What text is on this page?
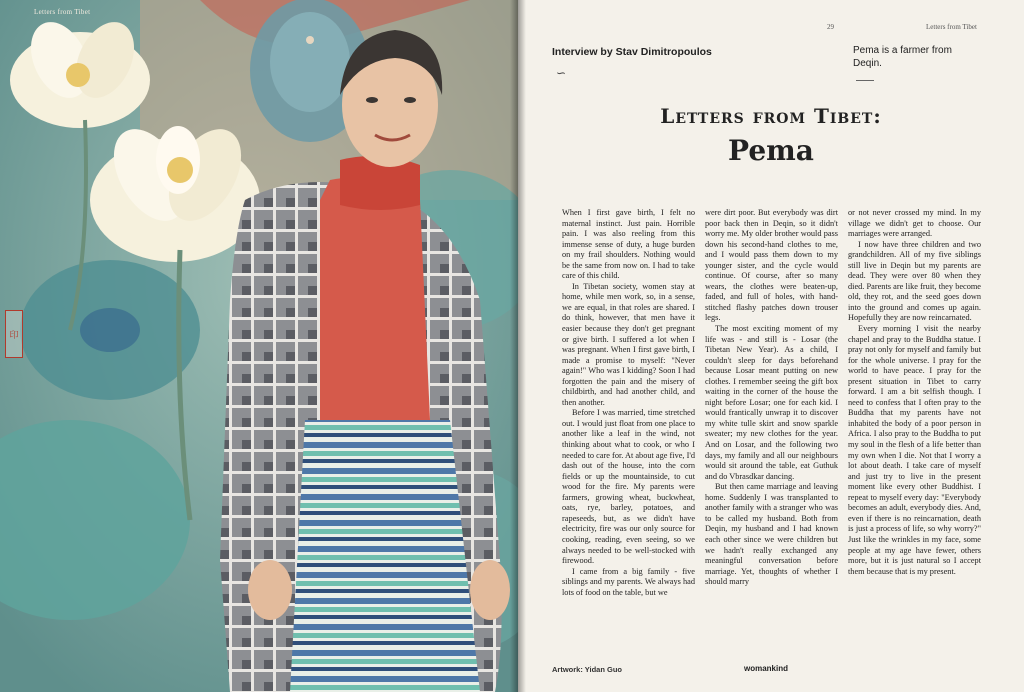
Letters from Tibet
印
29	Letters from Tibet
Interview by Stav Dimitropoulos
∽
Pema is a farmer from Deqin.
Letters from Tibet:
Pema

When I first gave birth, I felt no maternal instinct. Just pain. Horrible pain. I was also reeling from this immense sense of duty, a huge burden on my frail shoulders. Nothing would be the same from now on. I had to take care of this child.

In Tibetan society, women stay at home, while men work, so, in a sense, we are equal, in that roles are shared. I do think, however, that men have it easier because they don't get pregnant or give birth. I suffered a lot when I was pregnant. When I first gave birth, I made a promise to myself: "Never again!" Who was I kidding? Soon I had forgotten the pain and the misery of childbirth, and had another child, and then another.

Before I was married, time stretched out. I would just float from one place to another like a leaf in the wind, not thinking about what to cook, or who I needed to care for. At about age five, I'd dash out of the house, into the corn fields or up the mountainside, to cut wood for the fire. My parents were farmers, growing wheat, buckwheat, oats, rye, barley, potatoes, and rapeseeds, but, as we didn't have electricity, fire was our only source for cooking, reading, even seeing, so we always needed to be well-stocked with firewood.

I came from a big family - five siblings and my parents. We always had lots of food on the table, but we

were dirt poor. But everybody was dirt poor back then in Deqin, so it didn't worry me. My older brother would pass down his second-hand clothes to me, and I would pass them down to my younger sister, and the cycle would continue. Of course, after so many wears, the clothes were beaten-up, faded, and full of holes, with hand-stitched flashy patches down trouser legs.

The most exciting moment of my life was - and still is - Losar (the Tibetan New Year). As a child, I couldn't sleep for days beforehand because Losar meant putting on new clothes. I remember seeing the gift box waiting in the corner of the house the night before Losar; one for each kid. I would frantically unwrap it to discover my white tulle skirt and snow sparkle sweater; my new clothes for the year. And on Losar, and the following two days, my family and all our neighbours would sit around the table, eat Guthuk and do Vbrasdkar dancing.

But then came marriage and leaving home. Suddenly I was transplanted to another family with a stranger who was to be called my husband. Both from Deqin, my husband and I had known each other since we were children but we hadn't really exchanged any meaningful conversation before marriage. Yet, thoughts of whether I should marry

or not never crossed my mind. In my village we didn't get to choose. Our marriages were arranged.

I now have three children and two grandchildren. All of my five siblings still live in Deqin but my parents are dead. They were over 80 when they died. Parents are like fruit, they become old, they rot, and the seed goes down into the ground and comes up again. Hopefully they are now reincarnated.

Every morning I visit the nearby chapel and pray to the Buddha statue. I pray not only for myself and family but for the whole universe. I pray for the world to have peace. I pray for the present situation in Tibet to carry forward. I am a bit selfish though. I need to confess that I often pray to the Buddha that my parents have not inhabited the body of a poor person in Africa. I also pray to the Buddha to put my soul in the flesh of a life better than my own when I die. Not that I worry a lot about death. I take care of myself and just try to live in the present moment like every other Buddhist. I repeat to myself every day: "Everybody becomes an adult, everybody dies. And, even if there is no reincarnation, death is just a process of life, so why worry?" Just like the wrinkles in my face, some people at my age have fewer, others more, but it is just natural so I accept them because that is my present.

Artwork: Yidan Guo	womankind
